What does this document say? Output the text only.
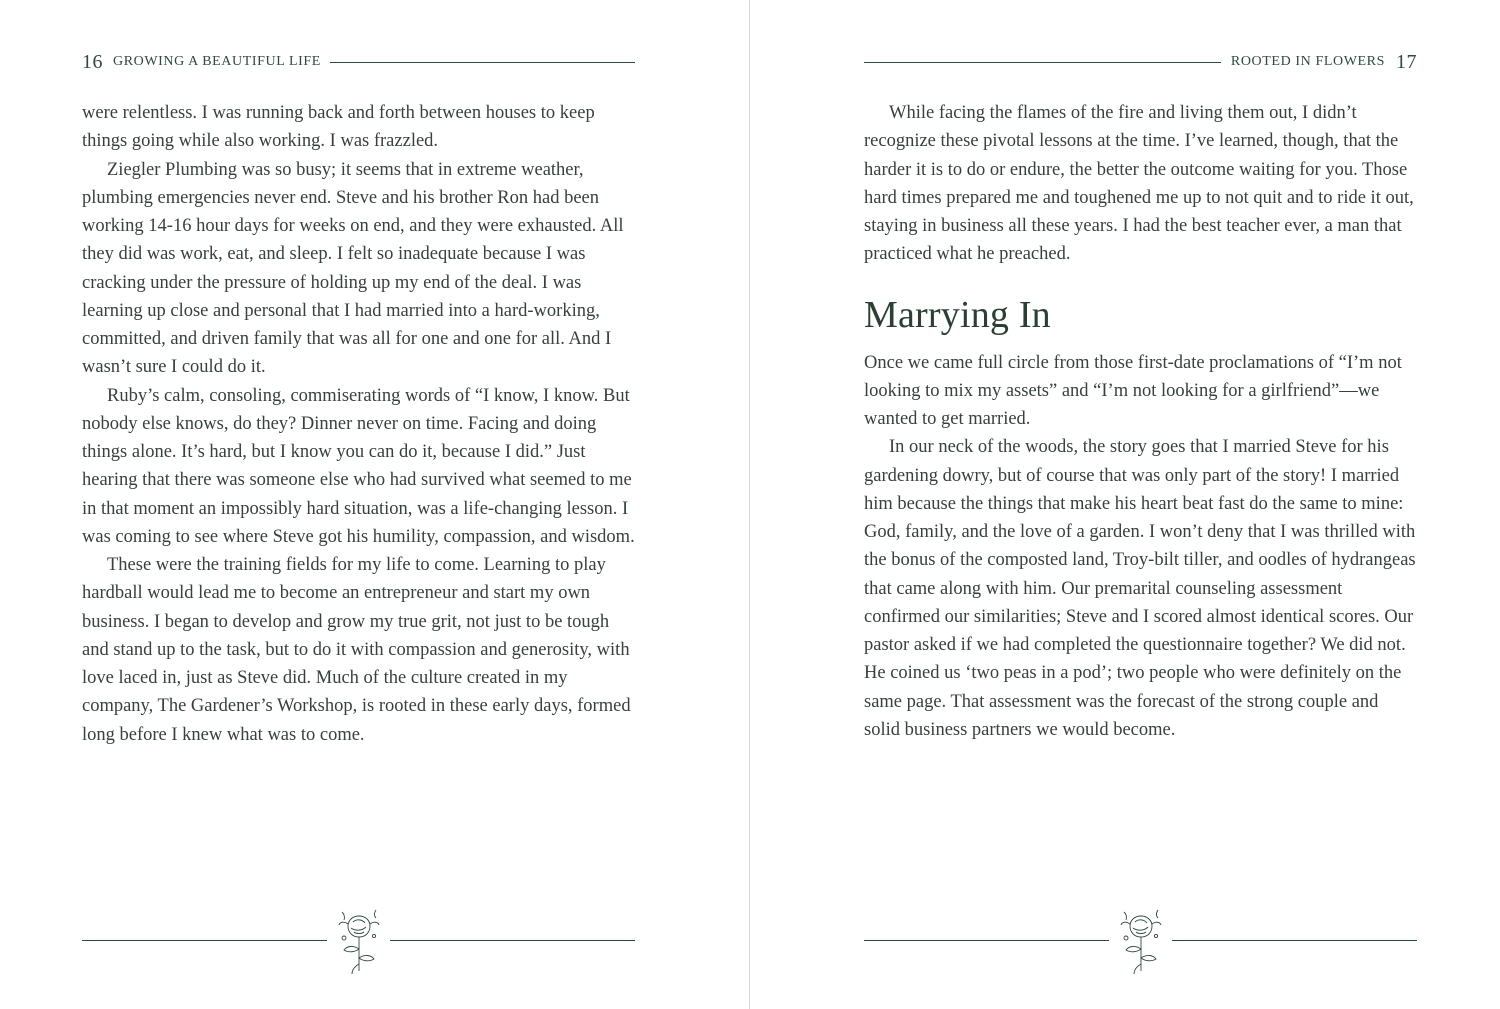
16 GROWING A BEAUTIFUL LIFE

were relentless. I was running back and forth between houses to keep things going while also working. I was frazzled.

Ziegler Plumbing was so busy; it seems that in extreme weather, plumbing emergencies never end. Steve and his brother Ron had been working 14-16 hour days for weeks on end, and they were exhausted. All they did was work, eat, and sleep. I felt so inadequate because I was cracking under the pressure of holding up my end of the deal. I was learning up close and personal that I had married into a hard-working, committed, and driven family that was all for one and one for all. And I wasn’t sure I could do it.

Ruby’s calm, consoling, commiserating words of “I know, I know. But nobody else knows, do they? Dinner never on time. Facing and doing things alone. It’s hard, but I know you can do it, because I did.” Just hearing that there was someone else who had survived what seemed to me in that moment an impossibly hard situation, was a life-changing lesson. I was coming to see where Steve got his humility, compassion, and wisdom.

These were the training fields for my life to come. Learning to play hardball would lead me to become an entrepreneur and start my own business. I began to develop and grow my true grit, not just to be tough and stand up to the task, but to do it with compassion and generosity, with love laced in, just as Steve did. Much of the culture created in my company, The Gardener’s Workshop, is rooted in these early days, formed long before I knew what was to come.

ROOTED IN FLOWERS 17

While facing the flames of the fire and living them out, I didn’t recognize these pivotal lessons at the time. I’ve learned, though, that the harder it is to do or endure, the better the outcome waiting for you. Those hard times prepared me and toughened me up to not quit and to ride it out, staying in business all these years. I had the best teacher ever, a man that practiced what he preached.

Marrying In

Once we came full circle from those first-date proclamations of “I’m not looking to mix my assets” and “I’m not looking for a girlfriend”—we wanted to get married.

In our neck of the woods, the story goes that I married Steve for his gardening dowry, but of course that was only part of the story! I married him because the things that make his heart beat fast do the same to mine: God, family, and the love of a garden. I won’t deny that I was thrilled with the bonus of the composted land, Troy-bilt tiller, and oodles of hydrangeas that came along with him. Our premarital counseling assessment confirmed our similarities; Steve and I scored almost identical scores. Our pastor asked if we had completed the questionnaire together? We did not. He coined us ‘two peas in a pod’; two people who were definitely on the same page. That assessment was the forecast of the strong couple and solid business partners we would become.
